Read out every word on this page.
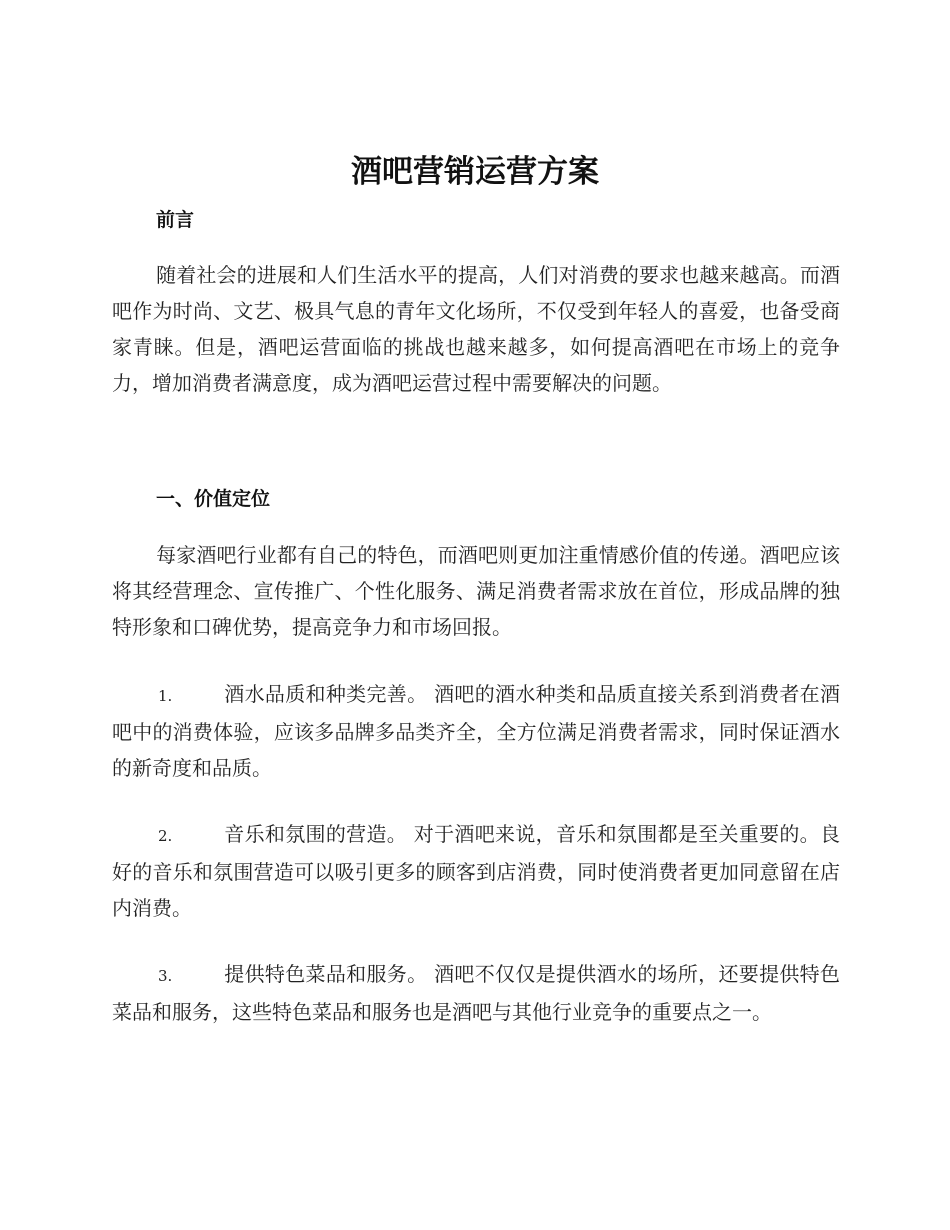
酒吧营销运营方案
前言
随着社会的进展和人们生活水平的提高，人们对消费的要求也越来越高。而酒吧作为时尚、文艺、极具气息的青年文化场所，不仅受到年轻人的喜爱，也备受商家青睐。但是，酒吧运营面临的挑战也越来越多，如何提高酒吧在市场上的竞争力，增加消费者满意度，成为酒吧运营过程中需要解决的问题。
一、价值定位
每家酒吧行业都有自己的特色，而酒吧则更加注重情感价值的传递。酒吧应该将其经营理念、宣传推广、个性化服务、满足消费者需求放在首位，形成品牌的独特形象和口碑优势，提高竞争力和市场回报。
1.	酒水品质和种类完善。 酒吧的酒水种类和品质直接关系到消费者在酒吧中的消费体验，应该多品牌多品类齐全，全方位满足消费者需求，同时保证酒水的新奇度和品质。
2.	音乐和氛围的营造。 对于酒吧来说，音乐和氛围都是至关重要的。良好的音乐和氛围营造可以吸引更多的顾客到店消费，同时使消费者更加同意留在店内消费。
3.	提供特色菜品和服务。 酒吧不仅仅是提供酒水的场所，还要提供特色菜品和服务，这些特色菜品和服务也是酒吧与其他行业竞争的重要点之一。
